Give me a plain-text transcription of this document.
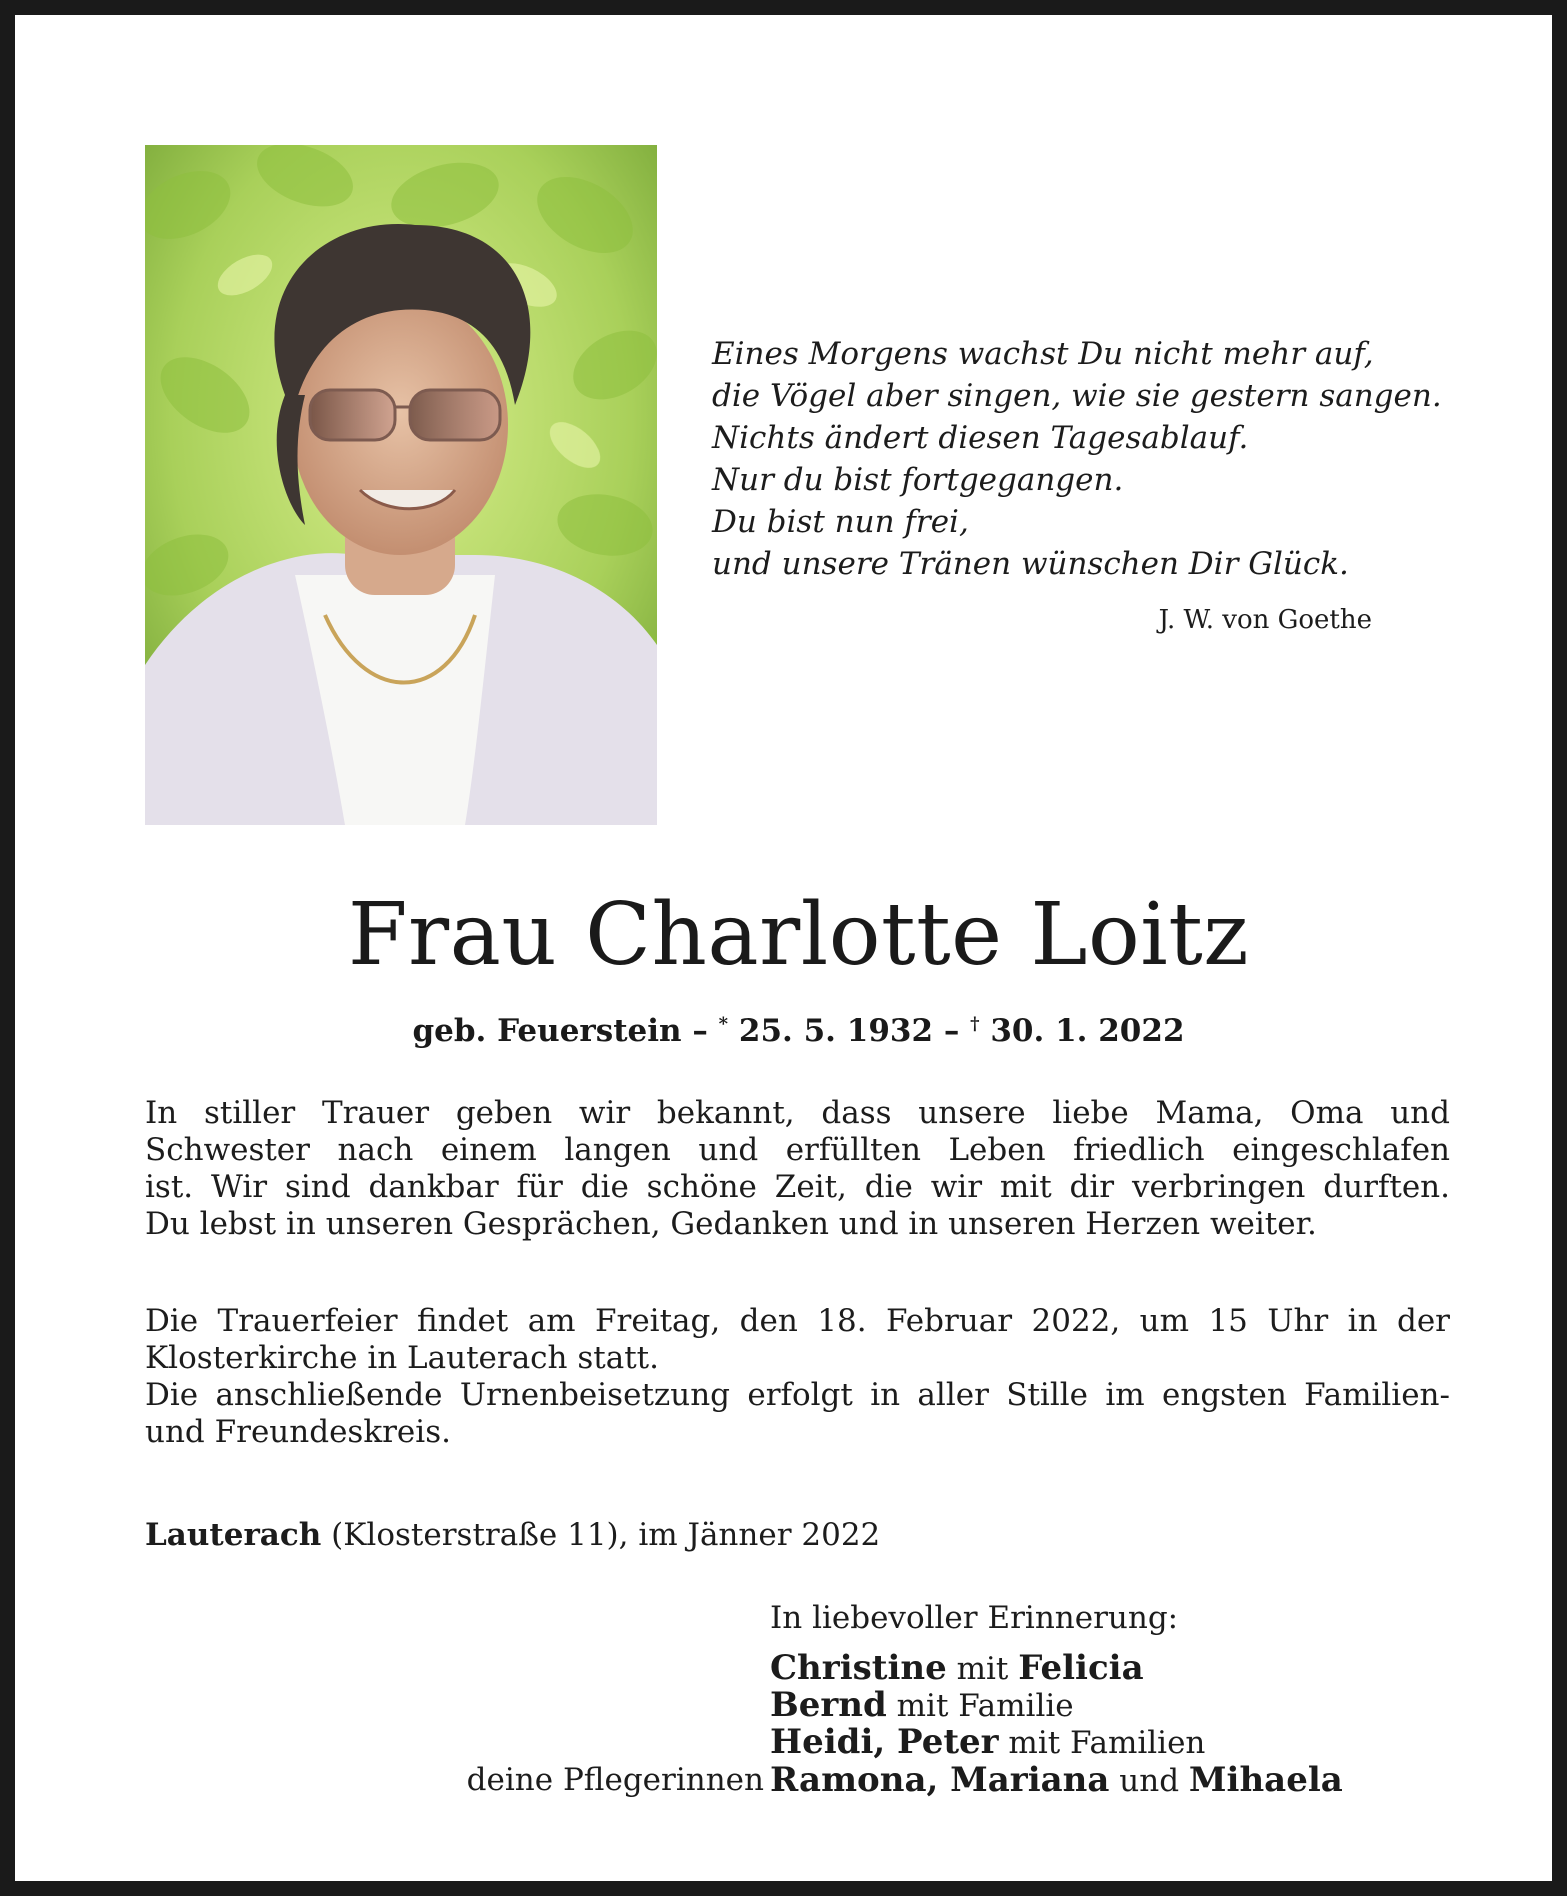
Eines Morgens wachst Du nicht mehr auf,
die Vögel aber singen, wie sie gestern sangen.
Nichts ändert diesen Tagesablauf.
Nur du bist fortgegangen.
Du bist nun frei,
und unsere Tränen wünschen Dir Glück.
J. W. von Goethe
Frau Charlotte Loitz
geb. Feuerstein – * 25. 5. 1932 – † 30. 1. 2022
In stiller Trauer geben wir bekannt, dass unsere liebe Mama, Oma und
Schwester nach einem langen und erfüllten Leben friedlich eingeschlafen
ist. Wir sind dankbar für die schöne Zeit, die wir mit dir verbringen durften.
Du lebst in unseren Gesprächen, Gedanken und in unseren Herzen weiter.
Die Trauerfeier findet am Freitag, den 18. Februar 2022, um 15 Uhr in der
Klosterkirche in Lauterach statt.
Die anschließende Urnenbeisetzung erfolgt in aller Stille im engsten Familien-
und Freundeskreis.
Lauterach (Klosterstraße 11), im Jänner 2022
In liebevoller Erinnerung:
Christine mit Felicia
Bernd mit Familie
Heidi, Peter mit Familien
deine Pflegerinnen Ramona, Mariana und Mihaela
